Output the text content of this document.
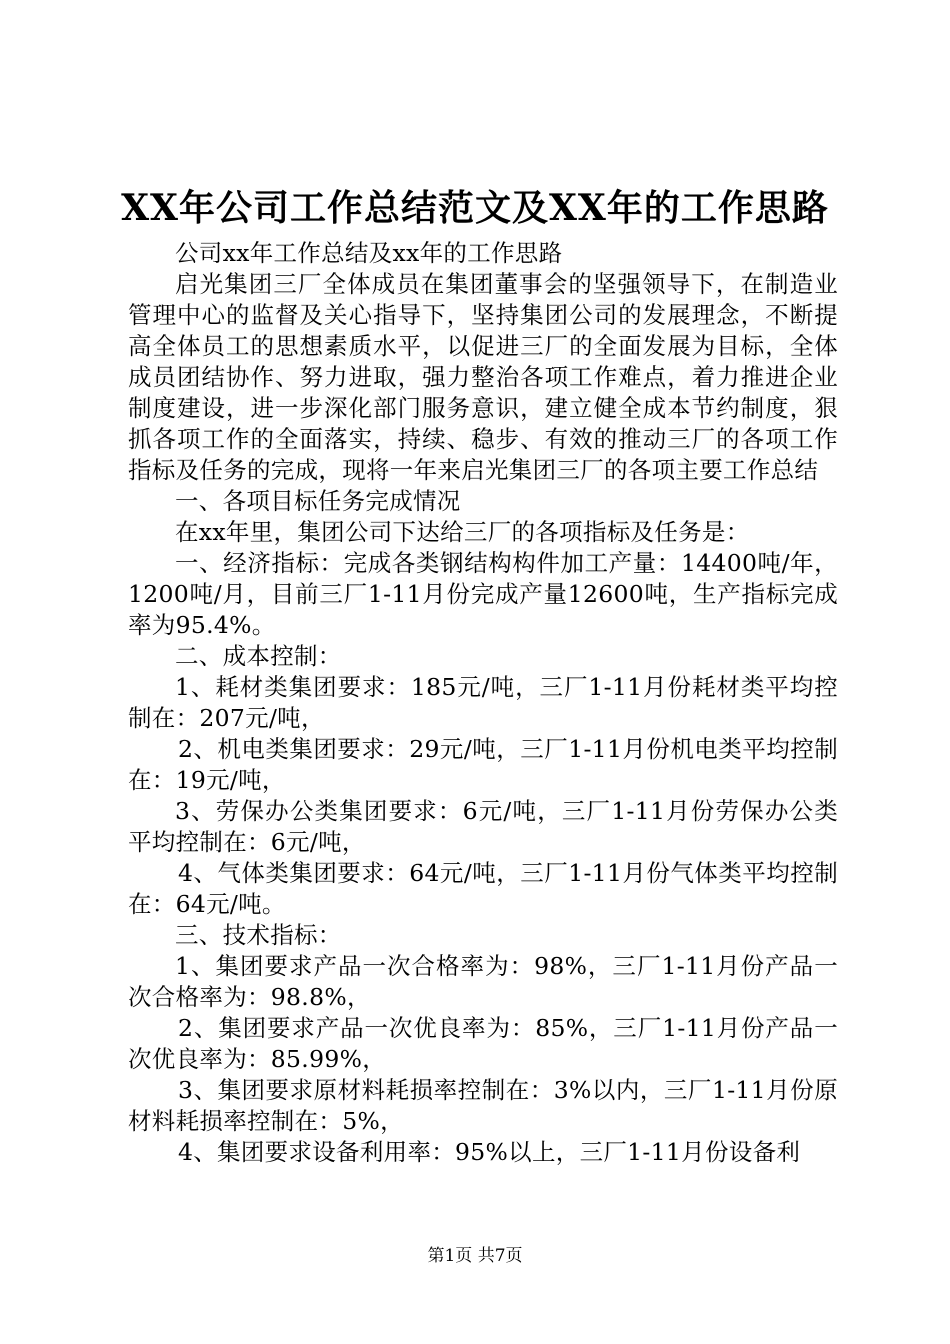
XX年公司工作总结范文及XX年的工作思路

公司xx年工作总结及xx年的工作思路

启光集团三厂全体成员在集团董事会的坚强领导下，在制造业管理中心的监督及关心指导下，坚持集团公司的发展理念，不断提高全体员工的思想素质水平，以促进三厂的全面发展为目标，全体成员团结协作、努力进取，强力整治各项工作难点，着力推进企业制度建设，进一步深化部门服务意识，建立健全成本节约制度，狠抓各项工作的全面落实，持续、稳步、有效的推动三厂的各项工作指标及任务的完成，现将一年来启光集团三厂的各项主要工作总结

一、各项目标任务完成情况

在xx年里，集团公司下达给三厂的各项指标及任务是：

一、经济指标：完成各类钢结构构件加工产量：14400吨/年，1200吨/月，目前三厂1-11月份完成产量12600吨，生产指标完成率为95.4%。

二、成本控制：

1、耗材类集团要求：185元/吨，三厂1-11月份耗材类平均控制在：207元/吨，

2、机电类集团要求：29元/吨，三厂1-11月份机电类平均控制在：19元/吨，

3、劳保办公类集团要求：6元/吨，三厂1-11月份劳保办公类平均控制在：6元/吨，

4、气体类集团要求：64元/吨，三厂1-11月份气体类平均控制在：64元/吨。

三、技术指标：

1、集团要求产品一次合格率为：98%，三厂1-11月份产品一次合格率为：98.8%，

2、集团要求产品一次优良率为：85%，三厂1-11月份产品一次优良率为：85.99%，

3、集团要求原材料耗损率控制在：3%以内，三厂1-11月份原材料耗损率控制在：5%，

4、集团要求设备利用率：95%以上，三厂1-11月份设备利

第1页 共7页
